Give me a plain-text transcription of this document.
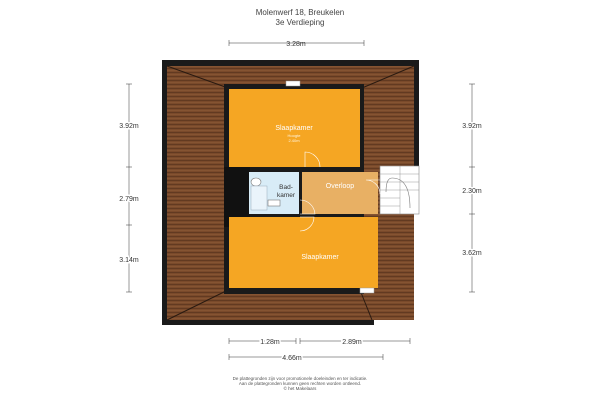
Molenwerf 18, Breukelen
3e Verdieping
Slaapkamer
Hoogte
2.40m
Bad-
kamer
Overloop
Slaapkamer
3.28m
3.92m
2.79m
3.14m
3.92m
2.30m
3.62m
1.28m	2.89m
4.66m
De plattegronden zijn voor promotionele doeleinden en ter indicatie.
Aan de plattegronden kunnen geen rechten worden ontleend.
© het Makelaars
